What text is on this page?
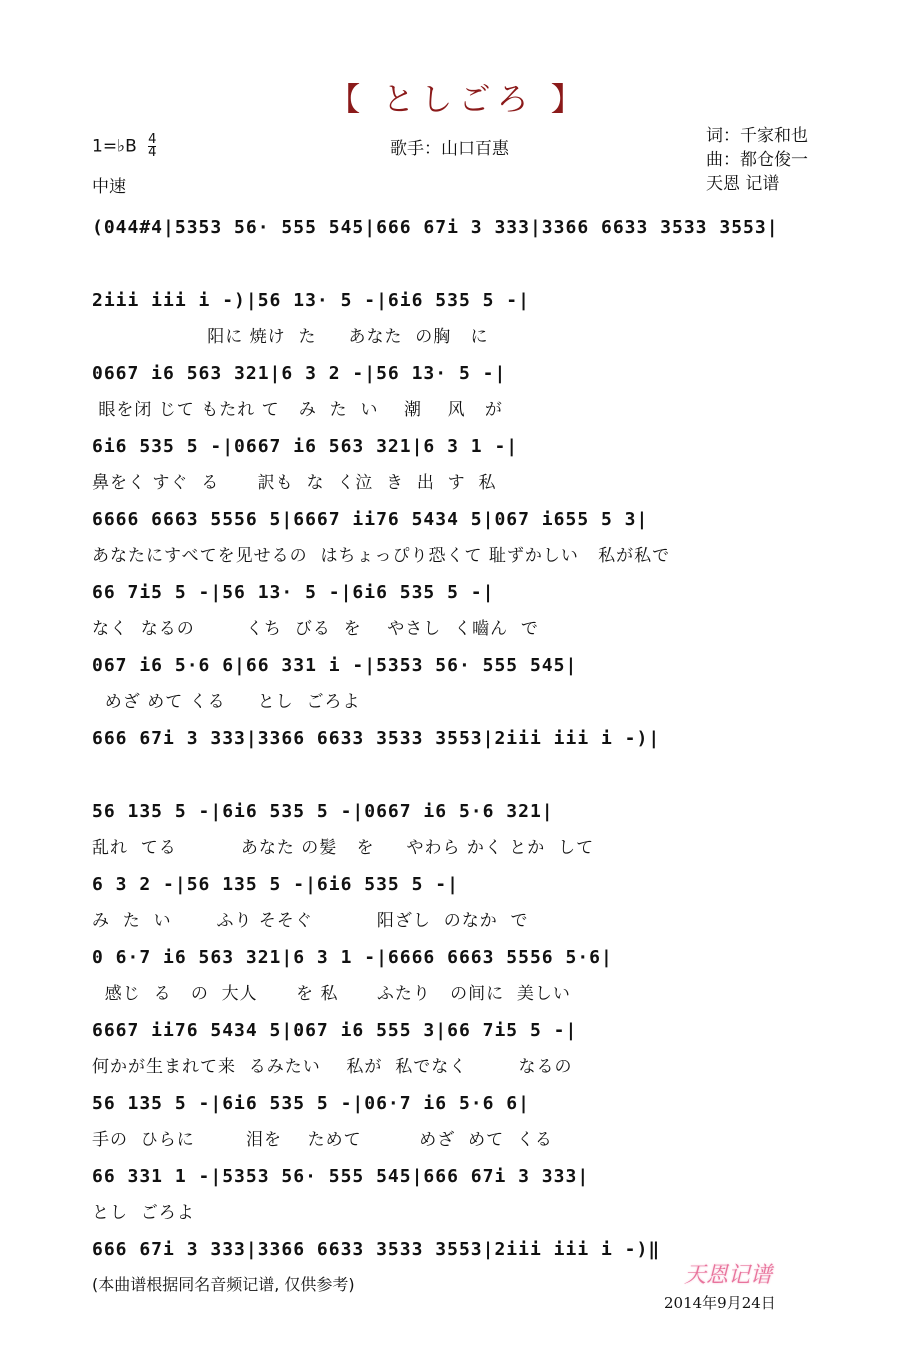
【 としごろ 】
1=♭B $\frac{4}{4}$
中速
歌手：山口百惠
词：千家和也
曲：都仓俊一
天恩 记谱
(044#4|5353 56· 555 545|666 67i 3 333|3366 6633 3533 3553|
2iii iii i -)|56 13· 5 -|6i6 535 5 -|
阳に 焼け  た     あなた  の胸   に
0667 i6 563 321|6 3 2 -|56 13· 5 -|
眼を闭 じて もたれ て   み  た  い    潮    风   が
6i6 535 5 -|0667 i6 563 321|6 3 1 -|
鼻をく すぐ  る      訳も  な  く泣  き  出  す  私
6666 6663 5556 5|6667 ii76 5434 5|067 i655 5 3|
あなたにすべてを见せるの  はちょっぴり恐くて 耻ずかしい   私が私で
66 7i5 5 -|56 13· 5 -|6i6 535 5 -|
なく  なるの        くち  びる  を    やさし  く嚙ん  で
067 i6 5·6 6|66 331 i -|5353 56· 555 545|
めざ めて くる     とし  ごろよ
666 67i 3 333|3366 6633 3533 3553|2iii iii i -)|
56 135 5 -|6i6 535 5 -|0667 i6 5·6 321|
乱れ  てる          あなた の髪   を     やわら かく とか  して
6 3 2 -|56 135 5 -|6i6 535 5 -|
み  た  い       ふり そそぐ          阳ざし  のなか  で
0 6·7 i6 563 321|6 3 1 -|6666 6663 5556 5·6|
感じ  る   の  大人      を 私      ふたり   の间に  美しい
6667 ii76 5434 5|067 i6 555 3|66 7i5 5 -|
何かが生まれて来  るみたい    私が  私でなく        なるの
56 135 5 -|6i6 535 5 -|06·7 i6 5·6 6|
手の  ひらに        泪を    ためて         めざ  めて  くる
66 331 1 -|5353 56· 555 545|666 67i 3 333|
とし  ごろよ
666 67i 3 333|3366 6633 3533 3553|2iii iii i -)‖
(本曲谱根据同名音频记谱, 仅供参考)	天恩记谱
2014年9月24日
